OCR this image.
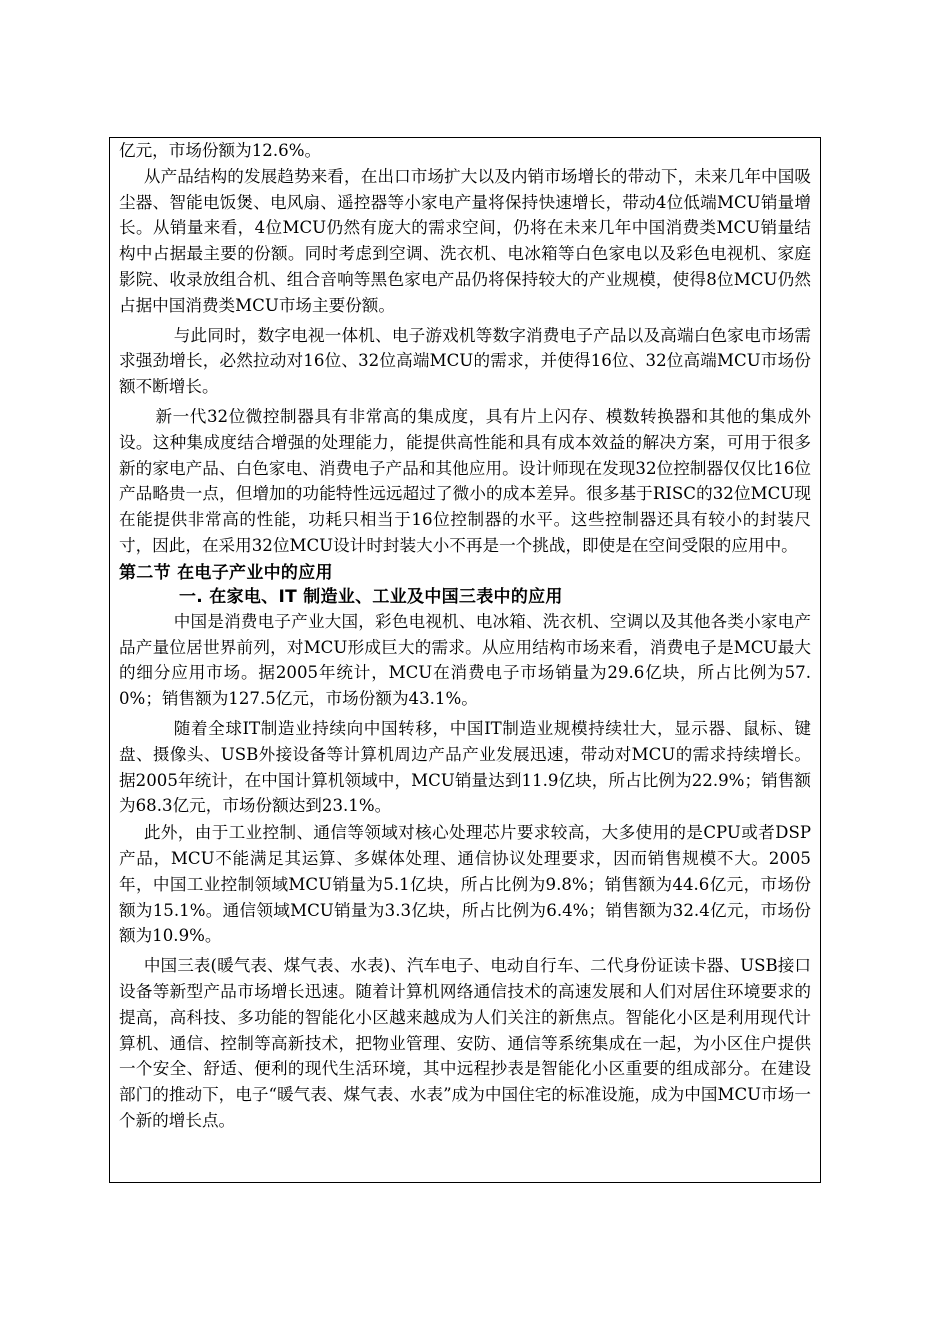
亿元，市场份额为12.6%。

从产品结构的发展趋势来看，在出口市场扩大以及内销市场增长的带动下，未来几年中国吸尘器、智能电饭煲、电风扇、遥控器等小家电产量将保持快速增长，带动4位低端MCU销量增长。从销量来看，4位MCU仍然有庞大的需求空间，仍将在未来几年中国消费类MCU销量结构中占据最主要的份额。同时考虑到空调、洗衣机、电冰箱等白色家电以及彩色电视机、家庭影院、收录放组合机、组合音响等黑色家电产品仍将保持较大的产业规模，使得8位MCU仍然占据中国消费类MCU市场主要份额。

与此同时，数字电视一体机、电子游戏机等数字消费电子产品以及高端白色家电市场需求强劲增长，必然拉动对16位、32位高端MCU的需求，并使得16位、32位高端MCU市场份额不断增长。

新一代32位微控制器具有非常高的集成度，具有片上闪存、模数转换器和其他的集成外设。这种集成度结合增强的处理能力，能提供高性能和具有成本效益的解决方案，可用于很多新的家电产品、白色家电、消费电子产品和其他应用。设计师现在发现32位控制器仅仅比16位产品略贵一点，但增加的功能特性远远超过了微小的成本差异。很多基于RISC的32位MCU现在能提供非常高的性能，功耗只相当于16位控制器的水平。这些控制器还具有较小的封装尺寸，因此，在采用32位MCU设计时封装大小不再是一个挑战，即使是在空间受限的应用中。

第二节 在电子产业中的应用
一. 在家电、IT 制造业、工业及中国三表中的应用

中国是消费电子产业大国，彩色电视机、电冰箱、洗衣机、空调以及其他各类小家电产品产量位居世界前列，对MCU形成巨大的需求。从应用结构市场来看，消费电子是MCU最大的细分应用市场。据2005年统计，MCU在消费电子市场销量为29.6亿块，所占比例为57.0%；销售额为127.5亿元，市场份额为43.1%。

随着全球IT制造业持续向中国转移，中国IT制造业规模持续壮大，显示器、鼠标、键盘、摄像头、USB外接设备等计算机周边产品产业发展迅速，带动对MCU的需求持续增长。据2005年统计，在中国计算机领域中，MCU销量达到11.9亿块，所占比例为22.9%；销售额为68.3亿元，市场份额达到23.1%。

此外，由于工业控制、通信等领域对核心处理芯片要求较高，大多使用的是CPU或者DSP产品，MCU不能满足其运算、多媒体处理、通信协议处理要求，因而销售规模不大。2005年，中国工业控制领域MCU销量为5.1亿块，所占比例为9.8%；销售额为44.6亿元，市场份额为15.1%。通信领域MCU销量为3.3亿块，所占比例为6.4%；销售额为32.4亿元，市场份额为10.9%。

中国三表(暖气表、煤气表、水表)、汽车电子、电动自行车、二代身份证读卡器、USB接口设备等新型产品市场增长迅速。随着计算机网络通信技术的高速发展和人们对居住环境要求的提高，高科技、多功能的智能化小区越来越成为人们关注的新焦点。智能化小区是利用现代计算机、通信、控制等高新技术，把物业管理、安防、通信等系统集成在一起，为小区住户提供一个安全、舒适、便利的现代生活环境，其中远程抄表是智能化小区重要的组成部分。在建设部门的推动下，电子“暖气表、煤气表、水表”成为中国住宅的标准设施，成为中国MCU市场一个新的增长点。
